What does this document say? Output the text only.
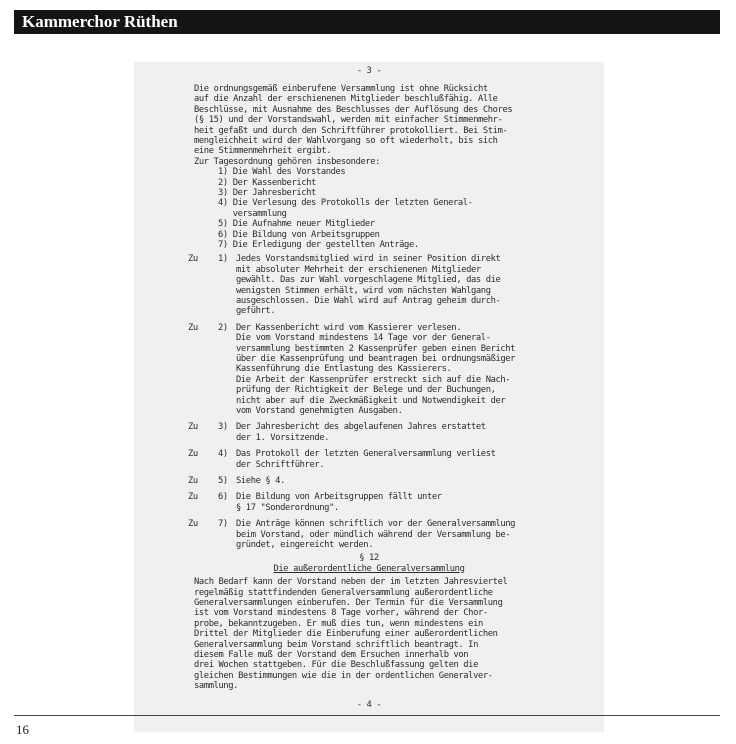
Kammerchor Rüthen
- 3 -
Die ordnungsgemäß einberufene Versammlung ist ohne Rücksicht
auf die Anzahl der erschienenen Mitglieder beschlußfähig. Alle
Beschlüsse, mit Ausnahme des Beschlusses der Auflösung des Chores
(§ 15) und der Vorstandswahl, werden mit einfacher Stimmenmehr-
heit gefaßt und durch den Schriftführer protokolliert. Bei Stim-
mengleichheit wird der Wahlvorgang so oft wiederholt, bis sich
eine Stimmenmehrheit ergibt.
Zur Tagesordnung gehören insbesondere:
1) Die Wahl des Vorstandes
2) Der Kassenbericht
3) Der Jahresbericht
4) Die Verlesung des Protokolls der letzten General-
versammlung
5) Die Aufnahme neuer Mitglieder
6) Die Bildung von Arbeitsgruppen
7) Die Erledigung der gestellten Anträge.
Zu 1) Jedes Vorstandsmitglied wird in seiner Position direkt
mit absoluter Mehrheit der erschienenen Mitglieder
gewählt. Das zur Wahl vorgeschlagene Mitglied, das die
wenigsten Stimmen erhält, wird vom nächsten Wahlgang
ausgeschlossen. Die Wahl wird auf Antrag geheim durch-
geführt.
Zu 2) Der Kassenbericht wird vom Kassierer verlesen.
Die vom Vorstand mindestens 14 Tage vor der General-
versammlung bestimmten 2 Kassenprüfer geben einen Bericht
über die Kassenprüfung und beantragen bei ordnungsmäßiger
Kassenführung die Entlastung des Kassierers.
Die Arbeit der Kassenprüfer erstreckt sich auf die Nach-
prüfung der Richtigkeit der Belege und der Buchungen,
nicht aber auf die Zweckmäßigkeit und Notwendigkeit der
vom Vorstand genehmigten Ausgaben.
Zu 3) Der Jahresbericht des abgelaufenen Jahres erstattet
der 1. Vorsitzende.
Zu 4) Das Protokoll der letzten Generalversammlung verliest
der Schriftführer.
Zu 5) Siehe § 4.
Zu 6) Die Bildung von Arbeitsgruppen fällt unter
§ 17 "Sonderordnung".
Zu 7) Die Anträge können schriftlich vor der Generalversammlung
beim Vorstand, oder mündlich während der Versammlung be-
gründet, eingereicht werden.
§ 12
Die außerordentliche Generalversammlung
Nach Bedarf kann der Vorstand neben der im letzten Jahresviertel
regelmäßig stattfindenden Generalversammlung außerordentliche
Generalversammlungen einberufen. Der Termin für die Versammlung
ist vom Vorstand mindestens 8 Tage vorher, während der Chor-
probe, bekanntzugeben. Er muß dies tun, wenn mindestens ein
Drittel der Mitglieder die Einberufung einer außerordentlichen
Generalversammlung beim Vorstand schriftlich beantragt. In
diesem Falle muß der Vorstand dem Ersuchen innerhalb von
drei Wochen stattgeben. Für die Beschlußfassung gelten die
gleichen Bestimmungen wie die in der ordentlichen Generalver-
sammlung.
- 4 -
16
